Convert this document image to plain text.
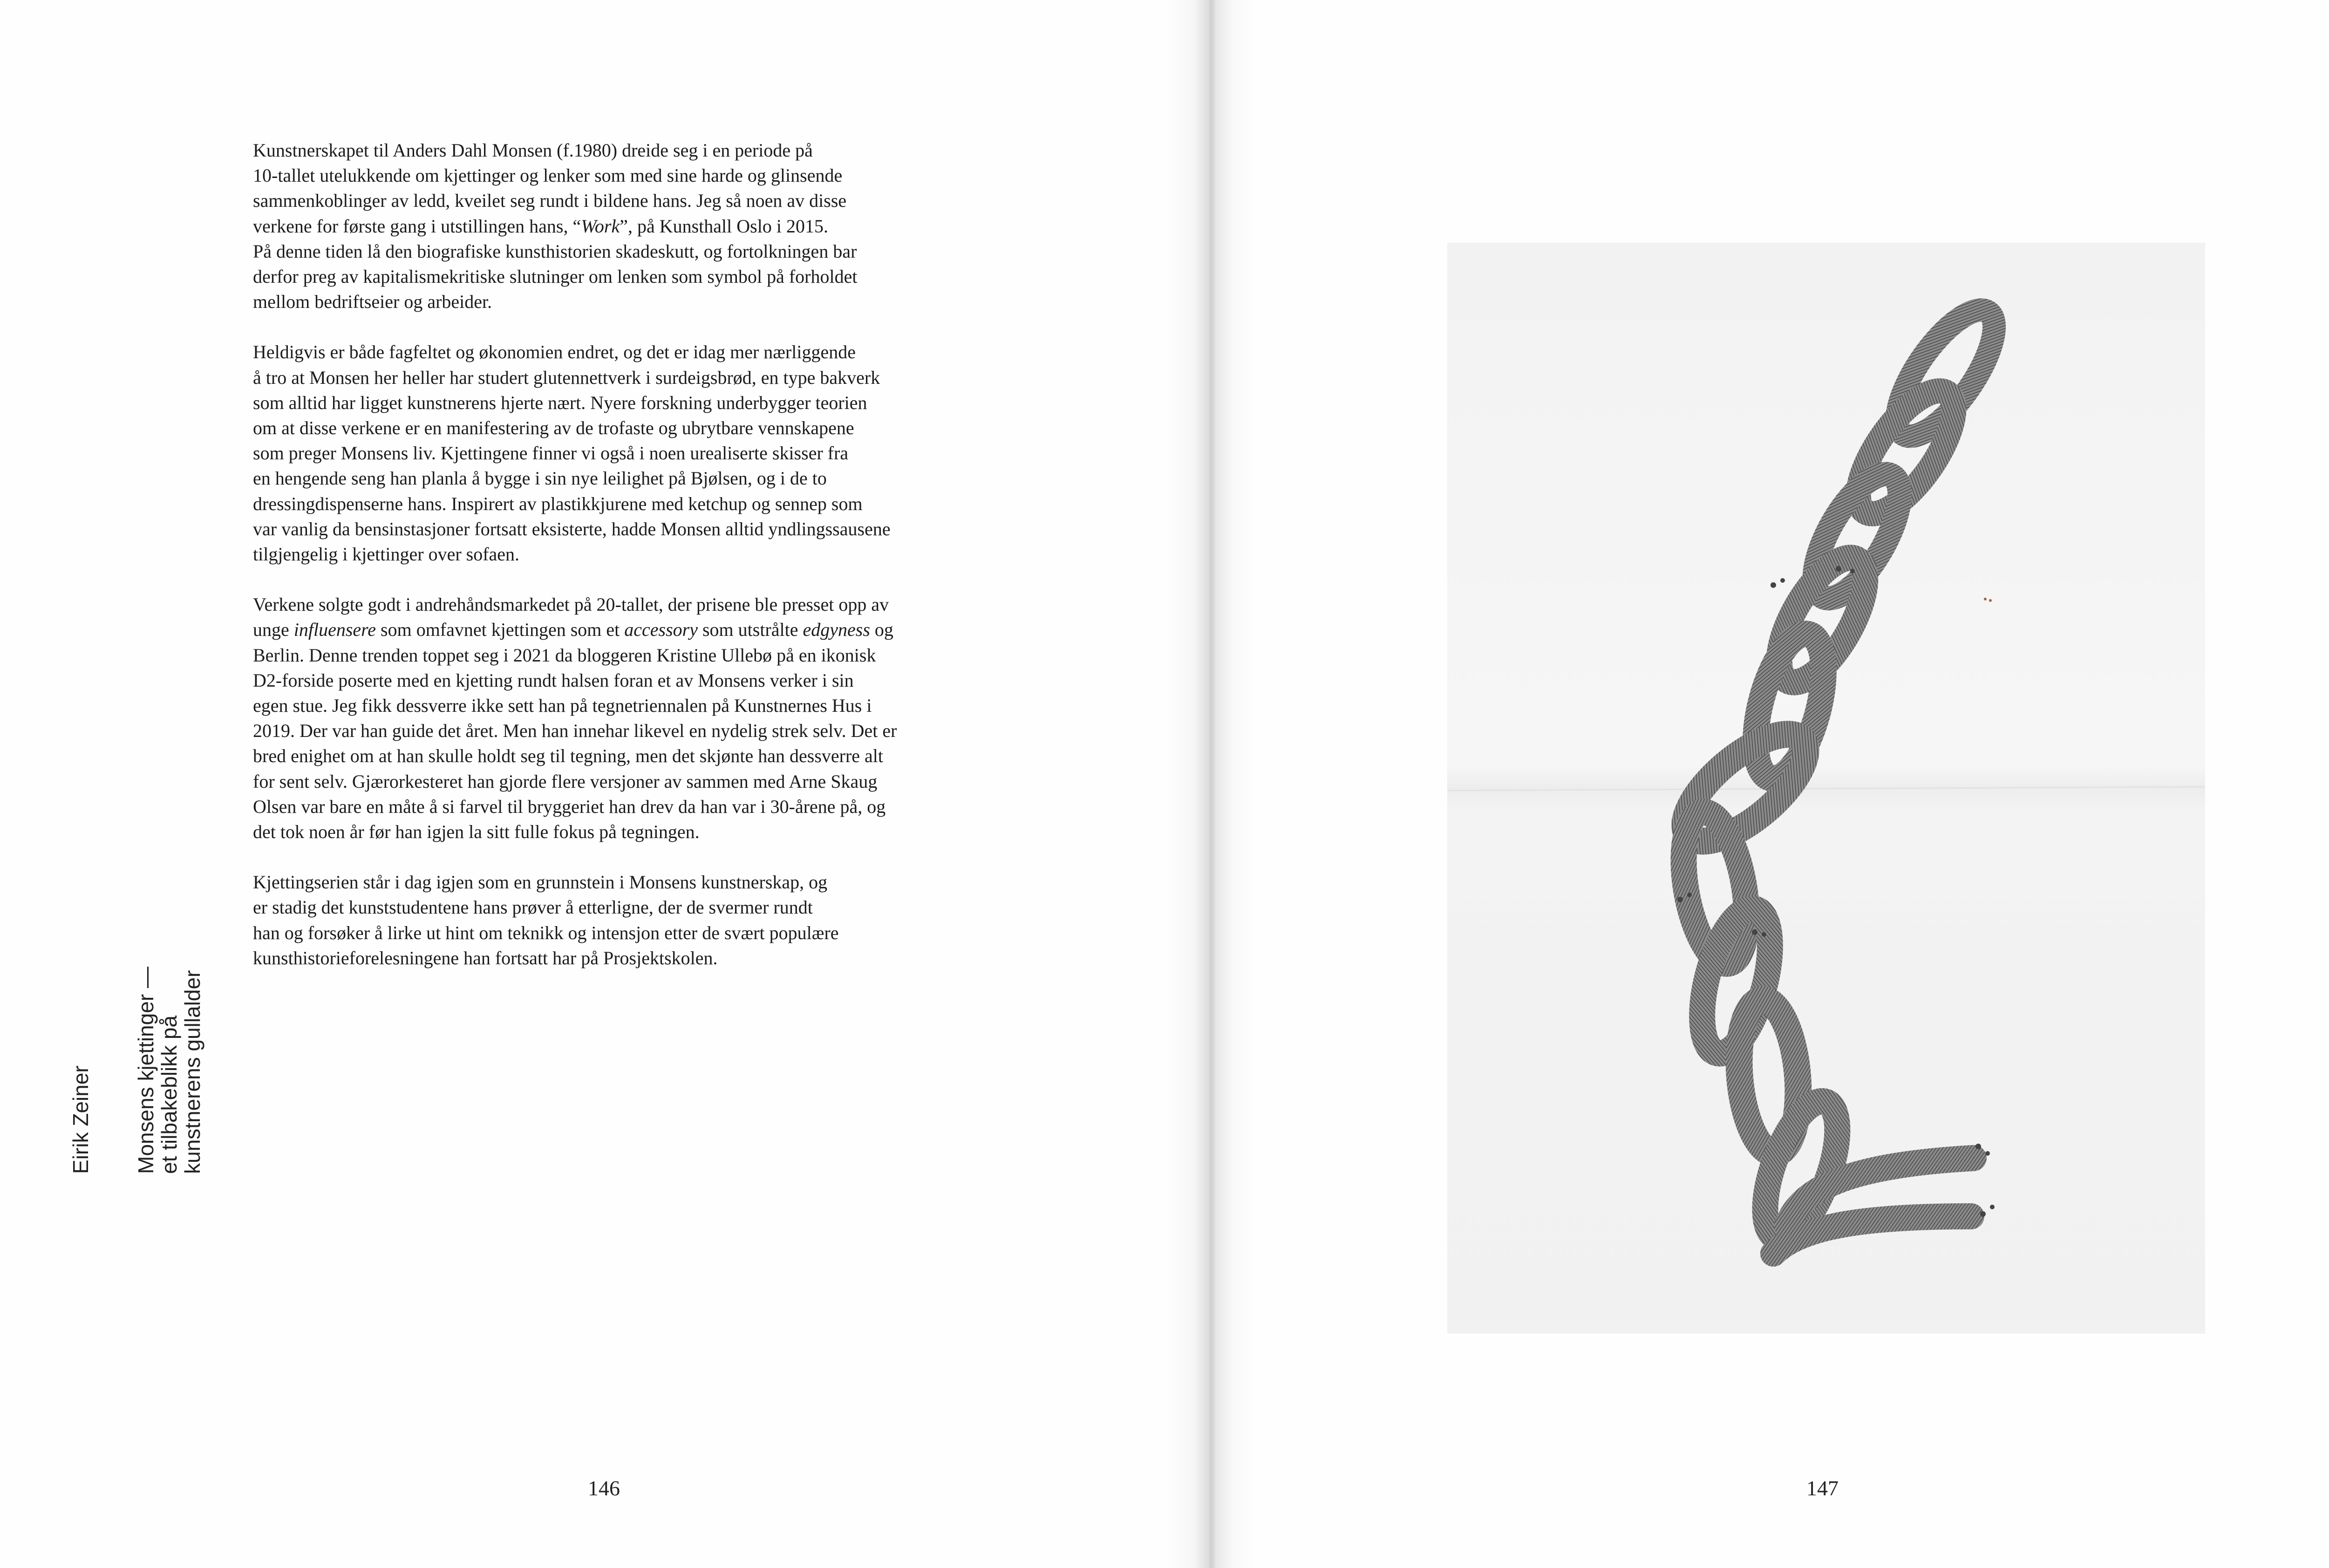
Kunstnerskapet til Anders Dahl Monsen (f.1980) dreide seg i en periode på
10-tallet utelukkende om kjettinger og lenker som med sine harde og glinsende
sammenkoblinger av ledd, kveilet seg rundt i bildene hans. Jeg så noen av disse
verkene for første gang i utstillingen hans, “Work”, på Kunsthall Oslo i 2015.
På denne tiden lå den biografiske kunsthistorien skadeskutt, og fortolkningen bar
derfor preg av kapitalismekritiske slutninger om lenken som symbol på forholdet
mellom bedriftseier og arbeider.

Heldigvis er både fagfeltet og økonomien endret, og det er idag mer nærliggende
å tro at Monsen her heller har studert glutennettverk i surdeigsbrød, en type bakverk
som alltid har ligget kunstnerens hjerte nært. Nyere forskning underbygger teorien
om at disse verkene er en manifestering av de trofaste og ubrytbare vennskapene
som preger Monsens liv. Kjettingene finner vi også i noen urealiserte skisser fra
en hengende seng han planla å bygge i sin nye leilighet på Bjølsen, og i de to
dressingdispenserne hans. Inspirert av plastikkjurene med ketchup og sennep som
var vanlig da bensinstasjoner fortsatt eksisterte, hadde Monsen alltid yndlingssausene
tilgjengelig i kjettinger over sofaen.

Verkene solgte godt i andrehåndsmarkedet på 20-tallet, der prisene ble presset opp av
unge influensere som omfavnet kjettingen som et accessory som utstrålte edgyness og
Berlin. Denne trenden toppet seg i 2021 da bloggeren Kristine Ullebø på en ikonisk
D2-forside poserte med en kjetting rundt halsen foran et av Monsens verker i sin
egen stue. Jeg fikk dessverre ikke sett han på tegnetriennalen på Kunstnernes Hus i
2019. Der var han guide det året. Men han innehar likevel en nydelig strek selv. Det er
bred enighet om at han skulle holdt seg til tegning, men det skjønte han dessverre alt
for sent selv. Gjærorkesteret han gjorde flere versjoner av sammen med Arne Skaug
Olsen var bare en måte å si farvel til bryggeriet han drev da han var i 30-årene på, og
det tok noen år før han igjen la sitt fulle fokus på tegningen.

Kjettingserien står i dag igjen som en grunnstein i Monsens kunstnerskap, og
er stadig det kunststudentene hans prøver å etterligne, der de svermer rundt
han og forsøker å lirke ut hint om teknikk og intensjon etter de svært populære
kunsthistorieforelesningene han fortsatt har på Prosjektskolen.

Eirik Zeiner Monsens kjettinger —
et tilbakeblikk på
kunstnerens gullalder
146	147
